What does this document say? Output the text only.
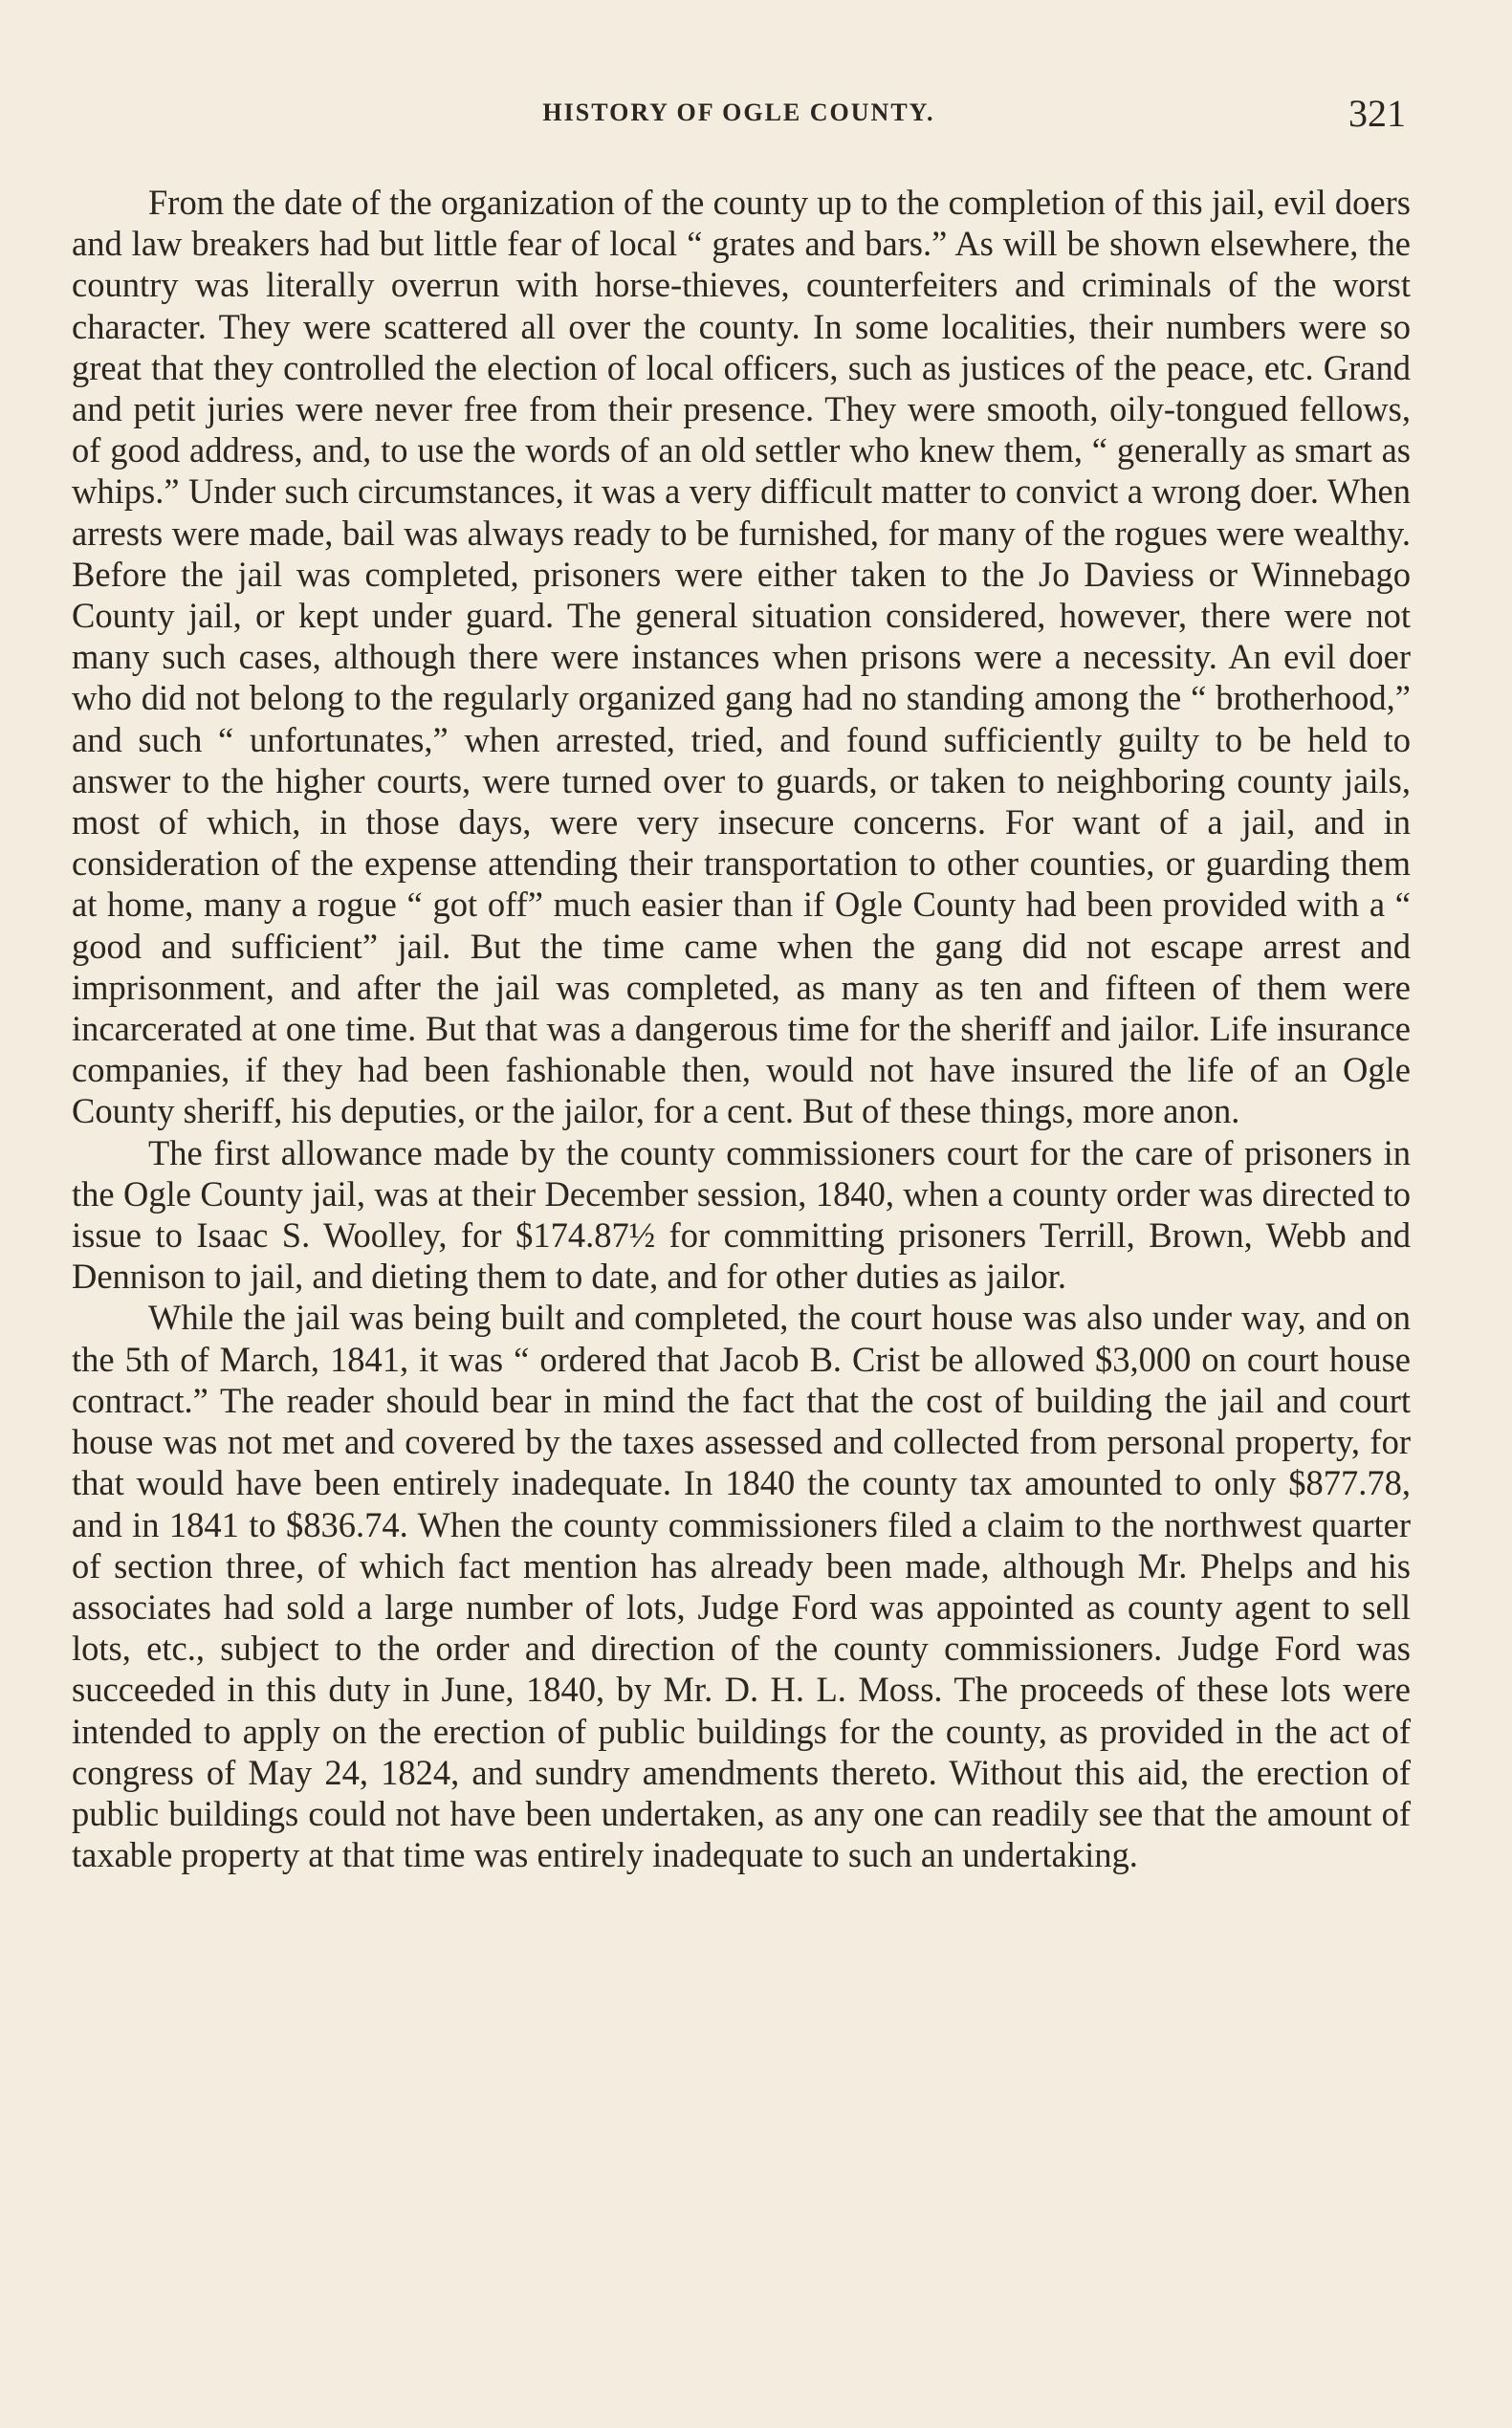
HISTORY OF OGLE COUNTY.	321

From the date of the organization of the county up to the completion of this jail, evil doers and law breakers had but little fear of local “ grates and bars.” As will be shown elsewhere, the country was literally overrun with horse-thieves, counterfeiters and criminals of the worst character. They were scattered all over the county. In some localities, their numbers were so great that they controlled the election of local officers, such as justices of the peace, etc. Grand and petit juries were never free from their presence. They were smooth, oily-tongued fellows, of good address, and, to use the words of an old settler who knew them, “ generally as smart as whips.” Under such circumstances, it was a very difficult matter to convict a wrong doer. When arrests were made, bail was always ready to be furnished, for many of the rogues were wealthy. Before the jail was completed, prisoners were either taken to the Jo Daviess or Winnebago County jail, or kept under guard. The general situation considered, however, there were not many such cases, although there were instances when prisons were a necessity. An evil doer who did not belong to the regularly organized gang had no standing among the “ brotherhood,” and such “ unfortunates,” when arrested, tried, and found sufficiently guilty to be held to answer to the higher courts, were turned over to guards, or taken to neighboring county jails, most of which, in those days, were very insecure concerns. For want of a jail, and in consideration of the expense attending their transportation to other counties, or guarding them at home, many a rogue “ got off” much easier than if Ogle County had been provided with a “ good and sufficient” jail. But the time came when the gang did not escape arrest and imprisonment, and after the jail was completed, as many as ten and fifteen of them were incarcerated at one time. But that was a dangerous time for the sheriff and jailor. Life insurance companies, if they had been fashionable then, would not have insured the life of an Ogle County sheriff, his deputies, or the jailor, for a cent. But of these things, more anon.

The first allowance made by the county commissioners court for the care of prisoners in the Ogle County jail, was at their December session, 1840, when a county order was directed to issue to Isaac S. Woolley, for $174.87½ for committing prisoners Terrill, Brown, Webb and Dennison to jail, and dieting them to date, and for other duties as jailor.

While the jail was being built and completed, the court house was also under way, and on the 5th of March, 1841, it was “ ordered that Jacob B. Crist be allowed $3,000 on court house contract.” The reader should bear in mind the fact that the cost of building the jail and court house was not met and covered by the taxes assessed and collected from personal property, for that would have been entirely inadequate. In 1840 the county tax amounted to only $877.78, and in 1841 to $836.74. When the county commissioners filed a claim to the northwest quarter of section three, of which fact mention has already been made, although Mr. Phelps and his associates had sold a large number of lots, Judge Ford was appointed as county agent to sell lots, etc., subject to the order and direction of the county commissioners. Judge Ford was succeeded in this duty in June, 1840, by Mr. D. H. L. Moss. The proceeds of these lots were intended to apply on the erection of public buildings for the county, as provided in the act of congress of May 24, 1824, and sundry amendments thereto. Without this aid, the erection of public buildings could not have been undertaken, as any one can readily see that the amount of taxable property at that time was entirely inadequate to such an undertaking.
